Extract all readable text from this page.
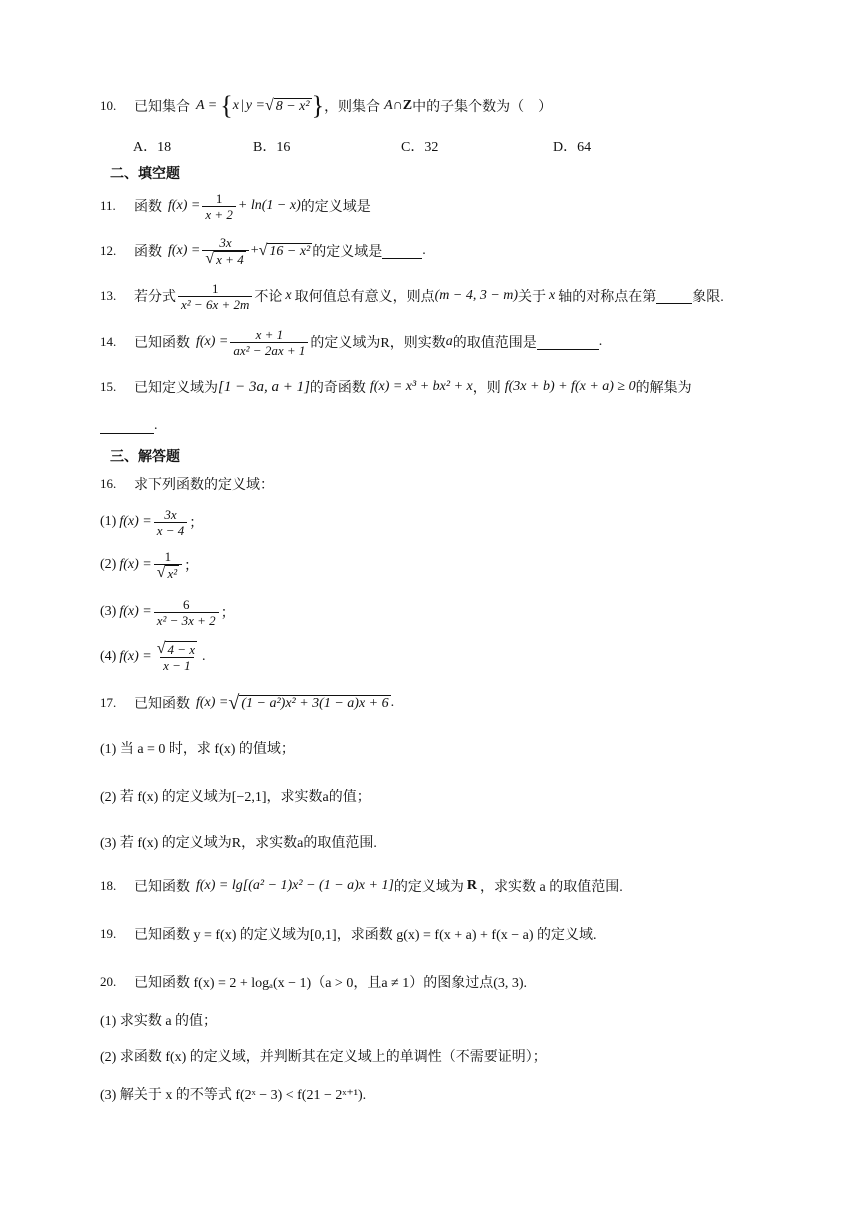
10.	已知集合 A = { x | y = √ 8 − x² } ，则集合 A∩ Z 中的子集个数为（　）
A．18	B．16	C．32	D．64
二、填空题
11.	函数 $f(x) = \frac{1}{x + 2} + \ln(1 - x)$ 的定义域是
12.	函数 $f(x) = \frac{3x}{√ x + 4}$ + √ 16 − x² 的定义域是	.
13.	若分式 $\frac{1}{\text{x² − 6x + 2m}}$ 不论 x 取何值总有意义，则点 (m − 4, 3 − m) 关于 x 轴的对称点在第	象限.
14.	已知函数 $f(x) = \frac{x + 1}{\text{ax² − 2ax + 1}}$ 的定义域为R，则实数 a 的取值范围是	.
15.	已知定义域为 [1 − 3a, a + 1] 的奇函数 f(x) = x³ + bx² + x ，则 f(3x + b) + f(x + a) ≥ 0 的解集为
.
三、解答题
16.	求下列函数的定义域：
(1) $f(x) = \frac{3x}{x - 4}$ ；
(2) $f(x) = \frac{1}{\text{√ x²}}$ ；
(3) $f(x) = \frac{6}{\text{x² − 3x + 2}}$ ；
(4) $f(x) = \frac{√ 4 - x}{x - 1}$ .
17.	已知函数 f(x) = √ (1 − a²)x² + 3(1 − a)x + 6 .
(1) 当 a = 0 时，求 f(x) 的值域；
(2) 若 f(x) 的定义域为[−2,1]，求实数a的值；
(3) 若 f(x) 的定义域为R，求实数a的取值范围.
18.	已知函数 f(x) = lg[(a² − 1)x² − (1 − a)x + 1] 的定义域为 R ，求实数 a 的取值范围.
19.	已知函数 y = f(x) 的定义域为[0,1]，求函数 g(x) = f(x + a) + f(x − a) 的定义域.
20.	已知函数 f(x) = 2 + logₐ(x − 1)（a > 0，且a ≠ 1）的图象过点(3, 3).
(1) 求实数 a 的值；
(2) 求函数 f(x) 的定义域，并判断其在定义域上的单调性（不需要证明）；
(3) 解关于 x 的不等式 f(2ˣ − 3) < f(21 − 2ˣ⁺¹).
